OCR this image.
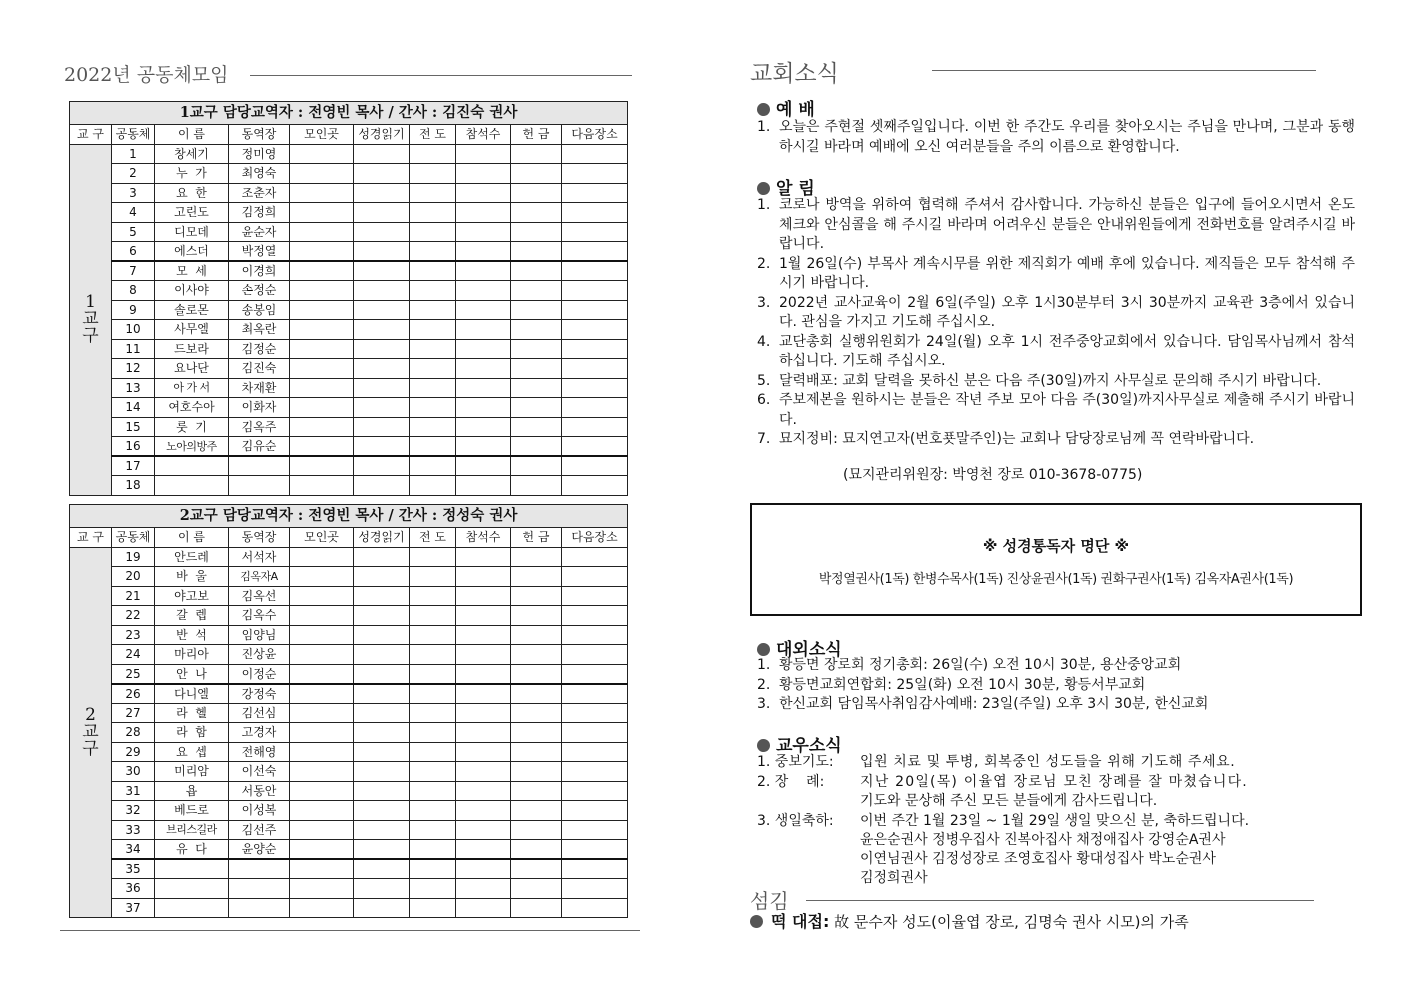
2022년 공동체모임
1교구 담당교역자 : 전영빈 목사 / 간사 : 김진숙 권사									
교 구	공동체	이 름	동역장	모인곳	성경읽기	전 도	참석수	헌 금	다음장소

1
교
구	1	창세기	정미영						
	2	누  가	최영숙						
	3	요  한	조춘자						
	4	고린도	김정희						
	5	디모데	윤순자						
	6	에스더	박정열						
	7	모  세	이경희						
	8	이사야	손정순						
	9	솔로몬	송봉임						
	10	사무엘	최옥란						
	11	드보라	김정순						
	12	요나단	김진숙						
	13	아 가 서	차재환						
	14	여호수아	이화자						
	15	룻  기	김옥주						
	16	노아의방주	김유순						
	17								
	18								
2교구 담당교역자 : 전영빈 목사 / 간사 : 정성숙 권사									
교 구	공동체	이 름	동역장	모인곳	성경읽기	전 도	참석수	헌 금	다음장소

2
교
구	19	안드레	서석자						
	20	바  울	김옥자A						
	21	야고보	김옥선						
	22	갈  렙	김옥수						
	23	반  석	임양님						
	24	마리아	진상윤						
	25	안  나	이정순						
	26	다니엘	강정숙						
	27	라  헬	김선심						
	28	라  함	고경자						
	29	요  셉	전해영						
	30	미리암	이선숙						
	31	욥	서동안						
	32	베드로	이성복						
	33	브리스길라	김선주						
	34	유  다	윤양순						
	35								
	36								
	37								
교회소식
예 배
1. 오늘은 주현절 셋째주일입니다. 이번 한 주간도 우리를 찾아오시는 주님을 만나며, 그분과 동행하시길 바라며 예배에 오신 여러분들을 주의 이름으로 환영합니다.
알 림
1. 코로나 방역을 위하여 협력해 주셔서 감사합니다. 가능하신 분들은 입구에 들어오시면서 온도체크와 안심콜을 해 주시길 바라며 어려우신 분들은 안내위원들에게 전화번호를 알려주시길 바랍니다.
2. 1월 26일(수) 부목사 계속시무를 위한 제직회가 예배 후에 있습니다. 제직들은 모두 참석해 주시기 바랍니다.
3. 2022년 교사교육이 2월 6일(주일) 오후 1시30분부터 3시 30분까지 교육관 3층에서 있습니다. 관심을 가지고 기도해 주십시오.
4. 교단총회 실행위원회가 24일(월) 오후 1시 전주중앙교회에서 있습니다. 담임목사님께서 참석하십니다. 기도해 주십시오.
5. 달력배포: 교회 달력을 못하신 분은 다음 주(30일)까지 사무실로 문의해 주시기 바랍니다.
6. 주보제본을 원하시는 분들은 작년 주보 모아 다음 주(30일)까지사무실로 제출해 주시기 바랍니다.
7. 묘지정비: 묘지연고자(번호푯말주인)는 교회나 담당장로님께 꼭 연락바랍니다.
(묘지관리위원장: 박영천 장로 010-3678-0775)
※ 성경통독자 명단 ※
박정열권사(1독) 한병수목사(1독) 진상윤권사(1독) 권화구권사(1독) 김옥자A권사(1독)
대외소식
1. 황등면 장로회 정기총회: 26일(수) 오전 10시 30분, 용산중앙교회
2. 황등면교회연합회: 25일(화) 오전 10시 30분, 황등서부교회
3. 한신교회 담임목사취임감사예배: 23일(주일) 오후 3시 30분, 한신교회
교우소식
1. 중보기도: 입원 치료 및 투병, 회복중인 성도들을 위해 기도해 주세요.
2. 장    례:	지난 20일(목) 이율엽 장로님 모친 장례를 잘 마쳤습니다.
기도와 문상해 주신 모든 분들에게 감사드립니다.
3. 생일축하: 이번 주간 1월 23일 ~ 1월 29일 생일 맞으신 분, 축하드립니다.
윤은순권사 정병우집사 진복아집사 채정애집사 강영순A권사
이연님권사 김정성장로 조영호집사 황대성집사 박노순권사
김정희권사
섬김
떡 대접: 故 문수자 성도(이율엽 장로, 김명숙 권사 시모)의 가족
